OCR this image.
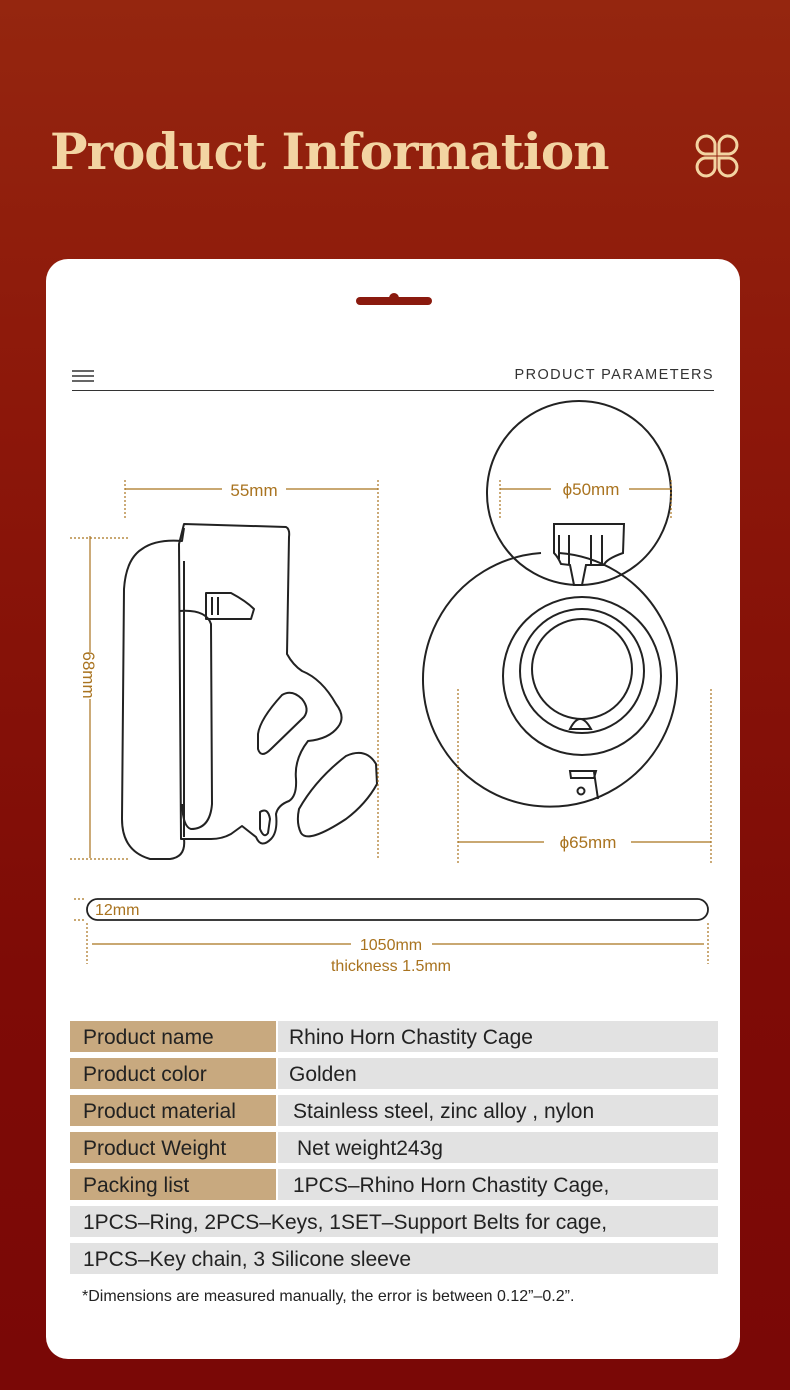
Product Information
PRODUCT PARAMETERS
55mm
68mm
ϕ50mm
ϕ65mm
12mm
1050mm
thickness 1.5mm
Product name	Rhino Horn Chastity Cage
Product color	Golden
Product material	Stainless steel, zinc alloy , nylon
Product Weight	Net weight243g
Packing list	1PCS–Rhino Horn Chastity Cage,
1PCS–Ring, 2PCS–Keys, 1SET–Support Belts for cage,
1PCS–Key chain, 3 Silicone sleeve
*Dimensions are measured manually, the error is between 0.12”–0.2”.
